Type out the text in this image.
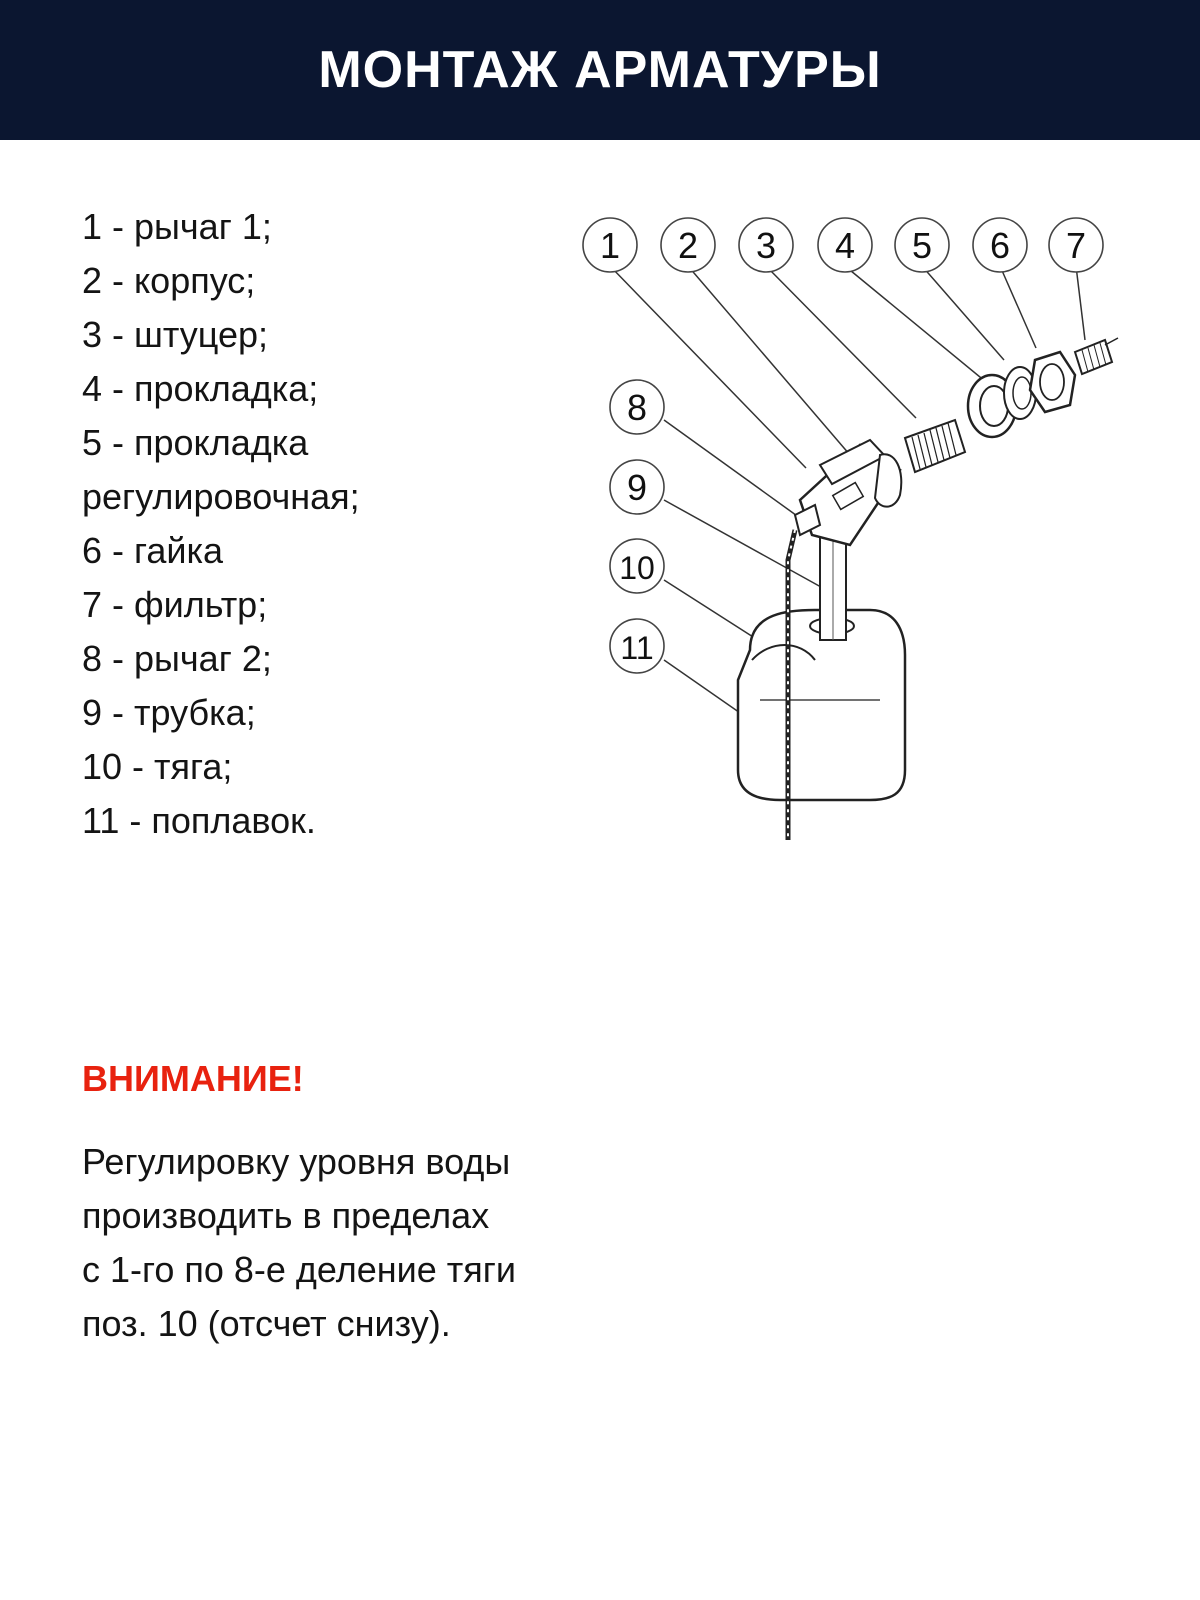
МОНТАЖ АРМАТУРЫ
1 - рычаг 1;
2 - корпус;
3 - штуцер;
4 - прокладка;
5 - прокладка
регулировочная;
6 - гайка
7 - фильтр;
8 - рычаг 2;
9 - трубка;
10 - тяга;
11 - поплавок.
1 2 3 4 5 6 7
8
9
10
11
ВНИМАНИЕ!

Регулировку уровня воды
производить в пределах
с 1-го по 8-е деление тяги
поз. 10 (отсчет снизу).
